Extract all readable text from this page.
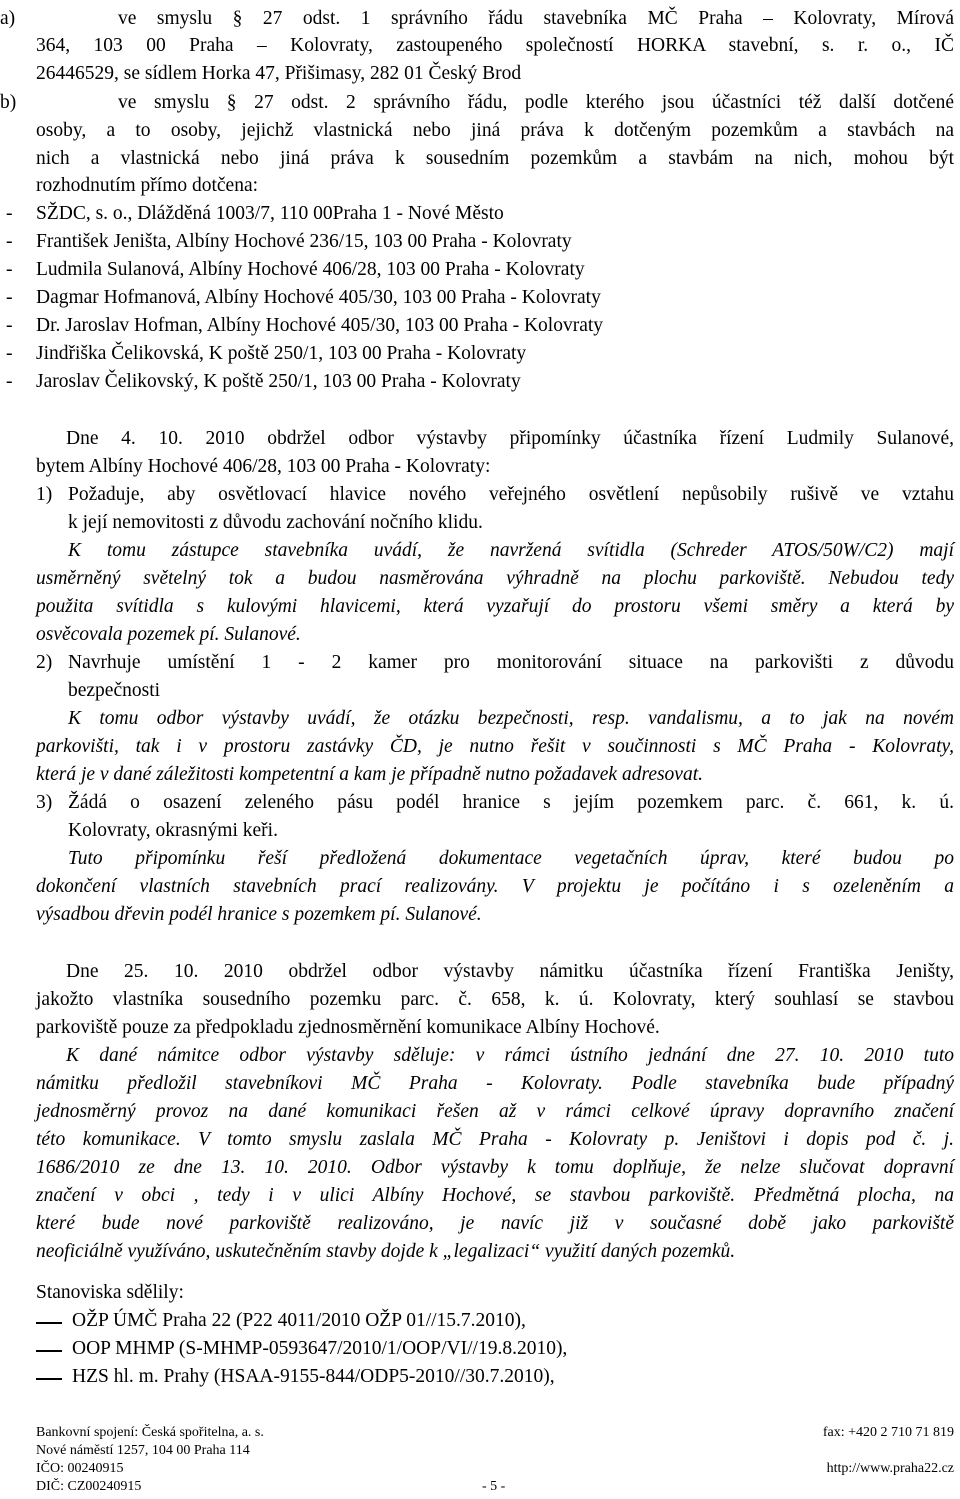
a)	ve smyslu § 27 odst. 1 správního řádu stavebníka MČ Praha – Kolovraty, Mírová
364, 103 00 Praha – Kolovraty, zastoupeného společností HORKA stavební, s. r. o., IČ
26446529, se sídlem Horka 47, Přišimasy, 282 01 Český Brod
b)	ve smyslu § 27 odst. 2 správního řádu, podle kterého jsou účastníci též další dotčené
osoby, a to osoby, jejichž vlastnická nebo jiná práva k dotčeným pozemkům a stavbách na
nich a vlastnická nebo jiná práva k sousedním pozemkům a stavbám na nich, mohou být
rozhodnutím přímo dotčena:
- SŽDC, s. o., Dlážděná 1003/7, 110 00Praha 1 - Nové Město
- František Jeništa, Albíny Hochové 236/15, 103 00 Praha - Kolovraty
- Ludmila Sulanová, Albíny Hochové 406/28, 103 00 Praha - Kolovraty
- Dagmar Hofmanová, Albíny Hochové 405/30, 103 00 Praha - Kolovraty
- Dr. Jaroslav Hofman, Albíny Hochové 405/30, 103 00 Praha - Kolovraty
- Jindřiška Čelikovská, K poště 250/1, 103 00 Praha - Kolovraty
- Jaroslav Čelikovský, K poště 250/1, 103 00 Praha - Kolovraty
Dne 4. 10. 2010 obdržel odbor výstavby připomínky účastníka řízení Ludmily Sulanové,
bytem Albíny Hochové 406/28, 103 00 Praha - Kolovraty:
1) Požaduje, aby osvětlovací hlavice nového veřejného osvětlení nepůsobily rušivě ve vztahu
k její nemovitosti z důvodu zachování nočního klidu.
K tomu zástupce stavebníka uvádí, že navržená svítidla (Schreder ATOS/50W/C2) mají
usměrněný světelný tok a budou nasměrována výhradně na plochu parkoviště. Nebudou tedy
použita svítidla s kulovými hlavicemi, která vyzařují do prostoru všemi směry a která by
osvěcovala pozemek pí. Sulanové.
2) Navrhuje umístění 1 - 2 kamer pro monitorování situace na parkovišti z důvodu
bezpečnosti
K tomu odbor výstavby uvádí, že otázku bezpečnosti, resp. vandalismu, a to jak na novém
parkovišti, tak i v prostoru zastávky ČD, je nutno řešit v součinnosti s MČ Praha - Kolovraty,
která je v dané záležitosti kompetentní a kam je případně nutno požadavek adresovat.
3) Žádá o osazení zeleného pásu podél hranice s jejím pozemkem parc. č. 661, k. ú.
Kolovraty, okrasnými keři.
Tuto připomínku řeší předložená dokumentace vegetačních úprav, které budou po
dokončení vlastních stavebních prací realizovány. V projektu je počítáno i s ozeleněním a
výsadbou dřevin podél hranice s pozemkem pí. Sulanové.
Dne 25. 10. 2010 obdržel odbor výstavby námitku účastníka řízení Františka Jeništy,
jakožto vlastníka sousedního pozemku parc. č. 658, k. ú. Kolovraty, který souhlasí se stavbou
parkoviště pouze za předpokladu zjednosměrnění komunikace Albíny Hochové.
K dané námitce odbor výstavby sděluje: v rámci ústního jednání dne 27. 10. 2010 tuto
námitku předložil stavebníkovi MČ Praha - Kolovraty. Podle stavebníka bude případný
jednosměrný provoz na dané komunikaci řešen až v rámci celkové úpravy dopravního značení
této komunikace. V tomto smyslu zaslala MČ Praha - Kolovraty p. Jeništovi i dopis pod č. j.
1686/2010 ze dne 13. 10. 2010. Odbor výstavby k tomu doplňuje, že nelze slučovat dopravní
značení v obci , tedy i v ulici Albíny Hochové, se stavbou parkoviště. Předmětná plocha, na
které bude nové parkoviště realizováno, je navíc již v současné době jako parkoviště
neoficiálně využíváno, uskutečněním stavby dojde k „legalizaci“ využití daných pozemků.
Stanoviska sdělily:
OŽP ÚMČ Praha 22 (P22 4011/2010 OŽP 01//15.7.2010),
OOP MHMP (S-MHMP-0593647/2010/1/OOP/VI//19.8.2010),
HZS hl. m. Prahy (HSAA-9155-844/ODP5-2010//30.7.2010),
Bankovní spojení: Česká spořitelna, a. s.
Nové náměstí 1257, 104 00 Praha 114
IČO: 00240915
DIČ: CZ00240915	- 5 -
fax: +420 2 710 71 819
http://www.praha22.cz
